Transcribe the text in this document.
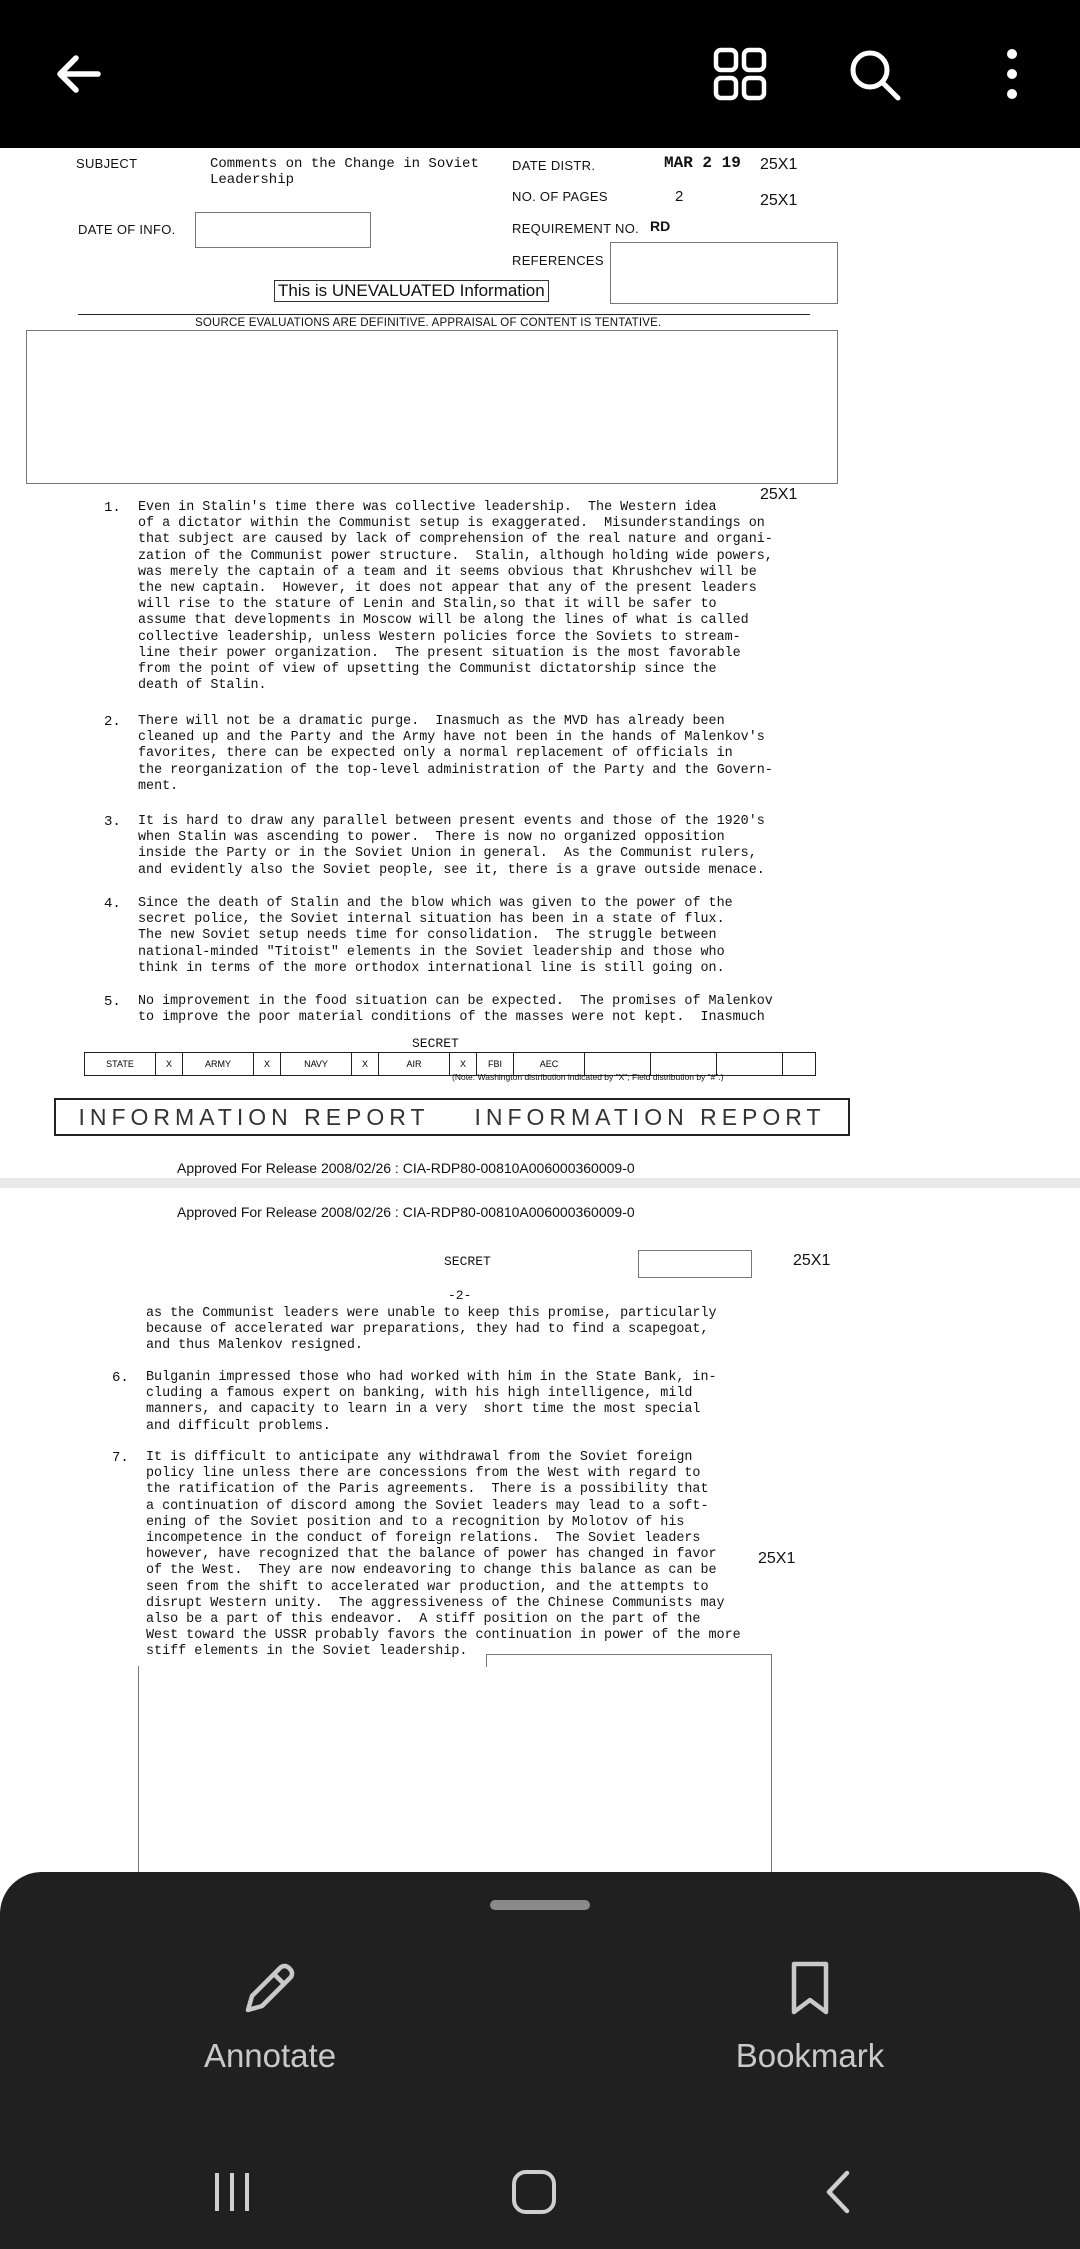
SUBJECT	Comments on the Change in Soviet
Leadership
DATE DISTR.	MAR 2 19 25X1
NO. OF PAGES	2	25X1
DATE OF INFO.	REQUIREMENT NO. RD
REFERENCES
This is UNEVALUATED Information
SOURCE EVALUATIONS ARE DEFINITIVE. APPRAISAL OF CONTENT IS TENTATIVE.
25X1
1. Even in Stalin's time there was collective leadership.  The Western idea
of a dictator within the Communist setup is exaggerated.  Misunderstandings on
that subject are caused by lack of comprehension of the real nature and organi-
zation of the Communist power structure.  Stalin, although holding wide powers,
was merely the captain of a team and it seems obvious that Khrushchev will be
the new captain.  However, it does not appear that any of the present leaders
will rise to the stature of Lenin and Stalin,so that it will be safer to
assume that developments in Moscow will be along the lines of what is called
collective leadership, unless Western policies force the Soviets to stream-
line their power organization.  The present situation is the most favorable
from the point of view of upsetting the Communist dictatorship since the
death of Stalin.
2. There will not be a dramatic purge.  Inasmuch as the MVD has already been
cleaned up and the Party and the Army have not been in the hands of Malenkov's
favorites, there can be expected only a normal replacement of officials in
the reorganization of the top-level administration of the Party and the Govern-
ment.
3. It is hard to draw any parallel between present events and those of the 1920's
when Stalin was ascending to power.  There is now no organized opposition
inside the Party or in the Soviet Union in general.  As the Communist rulers,
and evidently also the Soviet people, see it, there is a grave outside menace.
4. Since the death of Stalin and the blow which was given to the power of the
secret police, the Soviet internal situation has been in a state of flux.
The new Soviet setup needs time for consolidation.  The struggle between
national-minded "Titoist" elements in the Soviet leadership and those who
think in terms of the more orthodox international line is still going on.
5. No improvement in the food situation can be expected.  The promises of Malenkov
to improve the poor material conditions of the masses were not kept.  Inasmuch
SECRET
STATE	X	ARMY	X	NAVY	X	AIR	X	FBI	AEC				
(Note: Washington distribution indicated by "X"; Field distribution by "#".)
INFORMATION REPORT INFORMATION REPORT
Approved For Release 2008/02/26 : CIA-RDP80-00810A006000360009-0
Approved For Release 2008/02/26 : CIA-RDP80-00810A006000360009-0
SECRET	25X1
-2-
as the Communist leaders were unable to keep this promise, particularly
because of accelerated war preparations, they had to find a scapegoat,
and thus Malenkov resigned.
6. Bulganin impressed those who had worked with him in the State Bank, in-
cluding a famous expert on banking, with his high intelligence, mild
manners, and capacity to learn in a very  short time the most special
and difficult problems.
7. It is difficult to anticipate any withdrawal from the Soviet foreign
policy line unless there are concessions from the West with regard to
the ratification of the Paris agreements.  There is a possibility that
a continuation of discord among the Soviet leaders may lead to a soft-
ening of the Soviet position and to a recognition by Molotov of his
incompetence in the conduct of foreign relations.  The Soviet leaders
however, have recognized that the balance of power has changed in favor
of the West.  They are now endeavoring to change this balance as can be
seen from the shift to accelerated war production, and the attempts to
disrupt Western unity.  The aggressiveness of the Chinese Communists may
also be a part of this endeavor.  A stiff position on the part of the
West toward the USSR probably favors the continuation in power of the more
stiff elements in the Soviet leadership.
25X1
Annotate	Bookmark
